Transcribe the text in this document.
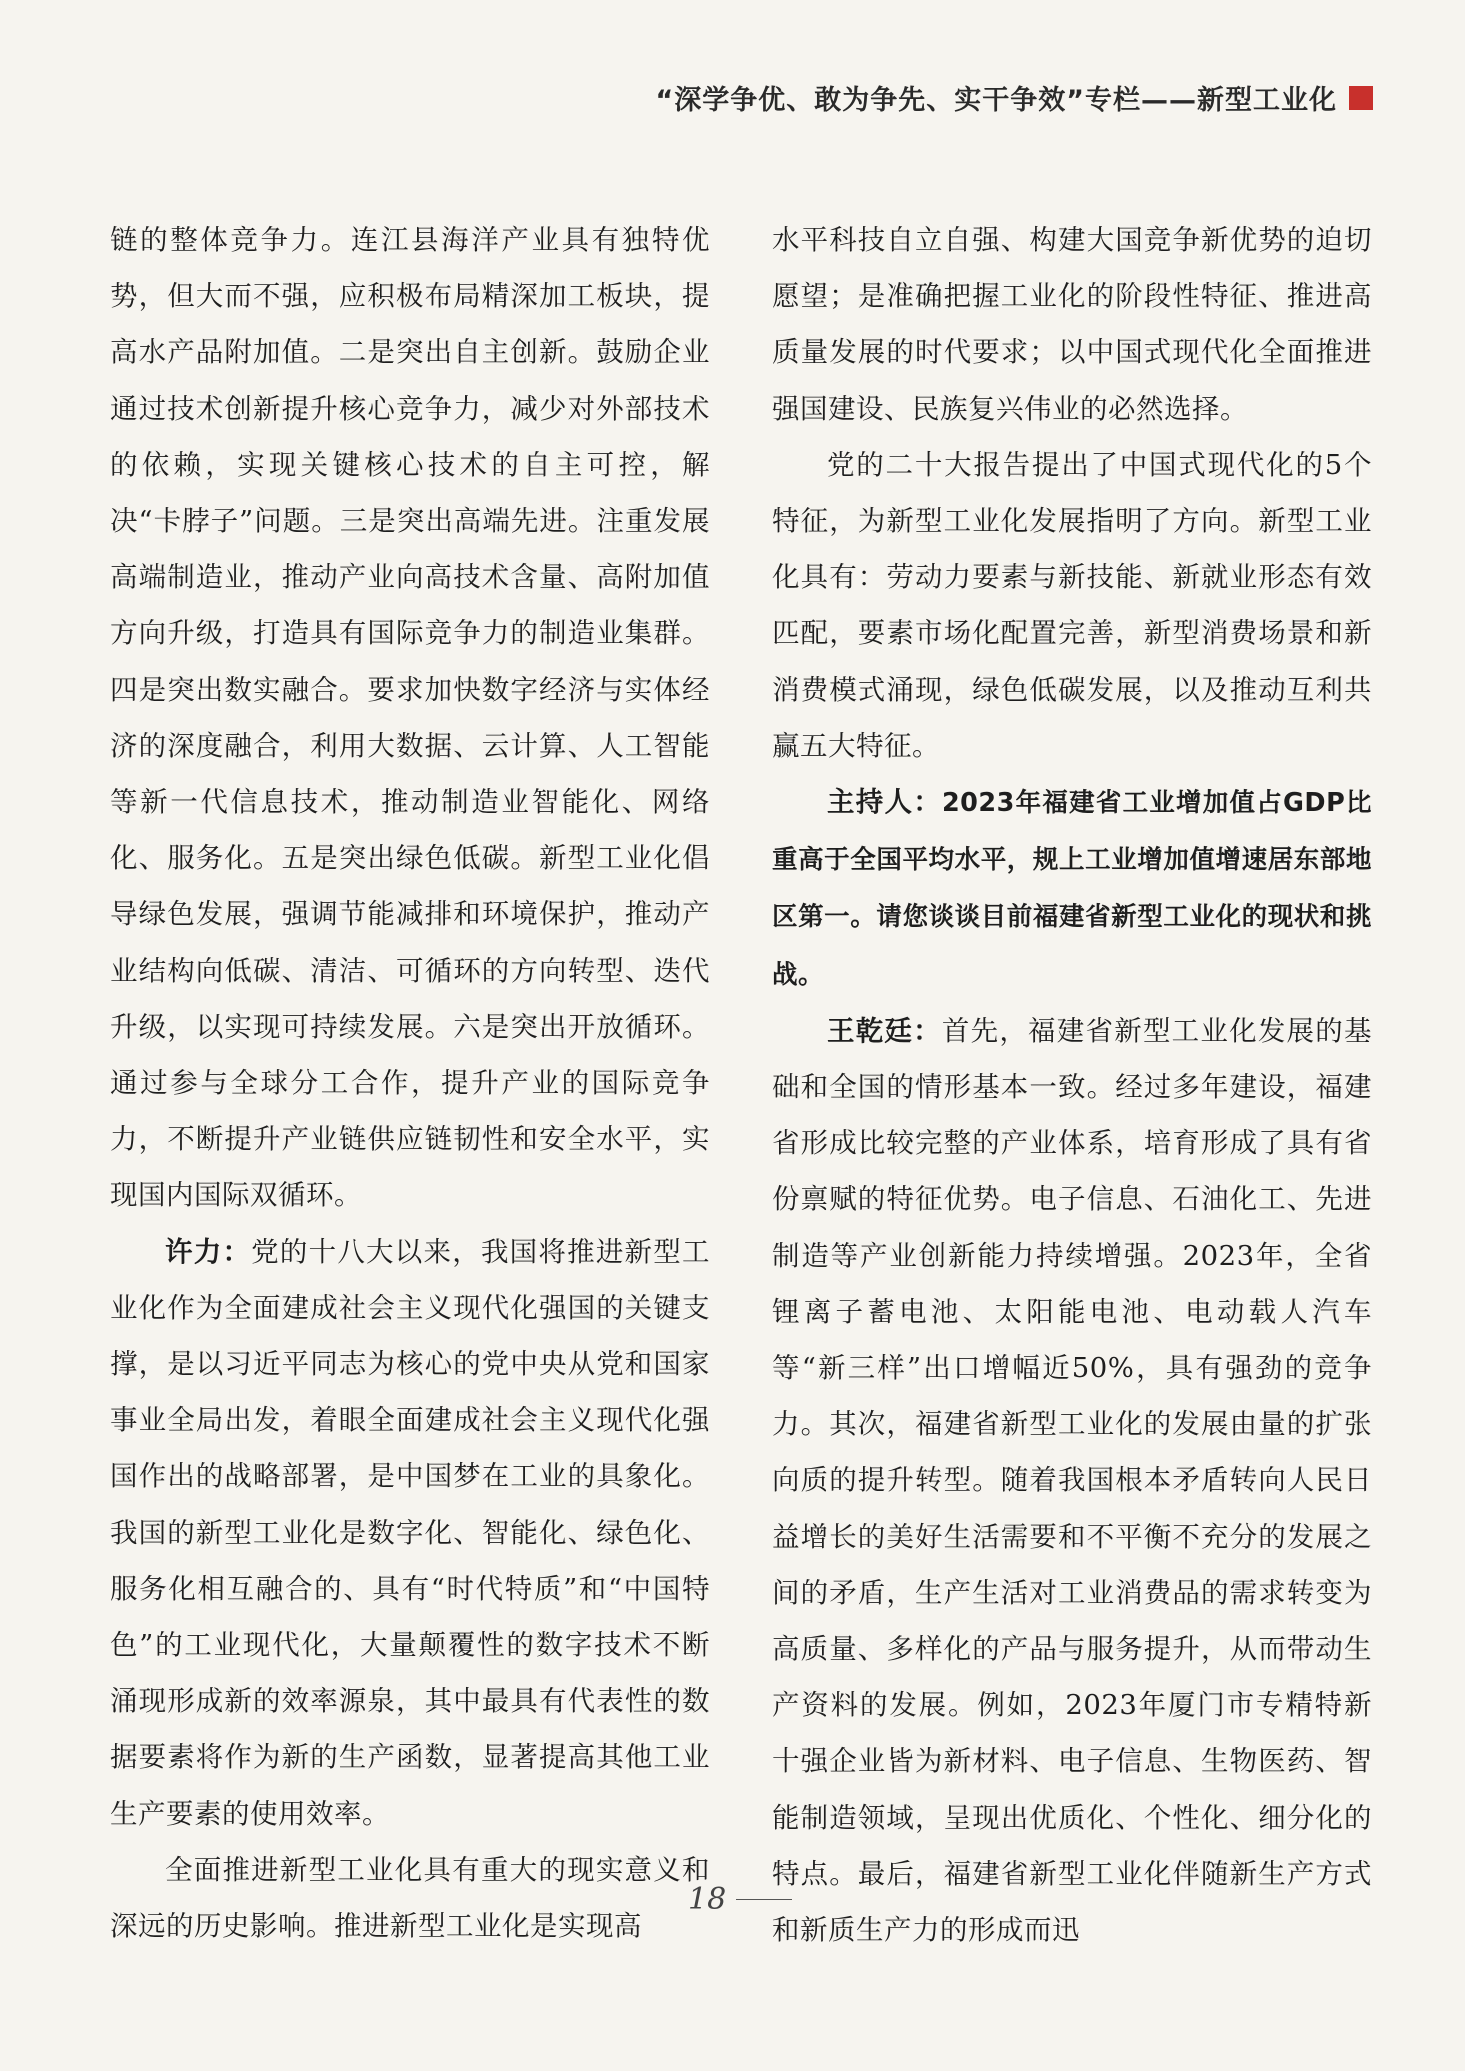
“深学争优、敢为争先、实干争效”专栏——新型工业化

链的整体竞争力。连江县海洋产业具有独特优势，但大而不强，应积极布局精深加工板块，提高水产品附加值。二是突出自主创新。鼓励企业通过技术创新提升核心竞争力，减少对外部技术的依赖，实现关键核心技术的自主可控，解决“卡脖子”问题。三是突出高端先进。注重发展高端制造业，推动产业向高技术含量、高附加值方向升级，打造具有国际竞争力的制造业集群。四是突出数实融合。要求加快数字经济与实体经济的深度融合，利用大数据、云计算、人工智能等新一代信息技术，推动制造业智能化、网络化、服务化。五是突出绿色低碳。新型工业化倡导绿色发展，强调节能减排和环境保护，推动产业结构向低碳、清洁、可循环的方向转型、迭代升级，以实现可持续发展。六是突出开放循环。通过参与全球分工合作，提升产业的国际竞争力，不断提升产业链供应链韧性和安全水平，实现国内国际双循环。

许力：党的十八大以来，我国将推进新型工业化作为全面建成社会主义现代化强国的关键支撑，是以习近平同志为核心的党中央从党和国家事业全局出发，着眼全面建成社会主义现代化强国作出的战略部署，是中国梦在工业的具象化。我国的新型工业化是数字化、智能化、绿色化、服务化相互融合的、具有“时代特质”和“中国特色”的工业现代化，大量颠覆性的数字技术不断涌现形成新的效率源泉，其中最具有代表性的数据要素将作为新的生产函数，显著提高其他工业生产要素的使用效率。

全面推进新型工业化具有重大的现实意义和深远的历史影响。推进新型工业化是实现高

水平科技自立自强、构建大国竞争新优势的迫切愿望；是准确把握工业化的阶段性特征、推进高质量发展的时代要求；以中国式现代化全面推进强国建设、民族复兴伟业的必然选择。

党的二十大报告提出了中国式现代化的5个特征，为新型工业化发展指明了方向。新型工业化具有：劳动力要素与新技能、新就业形态有效匹配，要素市场化配置完善，新型消费场景和新消费模式涌现，绿色低碳发展，以及推动互利共赢五大特征。

主持人：2023年福建省工业增加值占GDP比重高于全国平均水平，规上工业增加值增速居东部地区第一。请您谈谈目前福建省新型工业化的现状和挑战。

王乾廷：首先，福建省新型工业化发展的基础和全国的情形基本一致。经过多年建设，福建省形成比较完整的产业体系，培育形成了具有省份禀赋的特征优势。电子信息、石油化工、先进制造等产业创新能力持续增强。2023年，全省锂离子蓄电池、太阳能电池、电动载人汽车等“新三样”出口增幅近50%，具有强劲的竞争力。其次，福建省新型工业化的发展由量的扩张向质的提升转型。随着我国根本矛盾转向人民日益增长的美好生活需要和不平衡不充分的发展之间的矛盾，生产生活对工业消费品的需求转变为高质量、多样化的产品与服务提升，从而带动生产资料的发展。例如，2023年厦门市专精特新十强企业皆为新材料、电子信息、生物医药、智能制造领域，呈现出优质化、个性化、细分化的特点。最后，福建省新型工业化伴随新生产方式和新质生产力的形成而迅

18
